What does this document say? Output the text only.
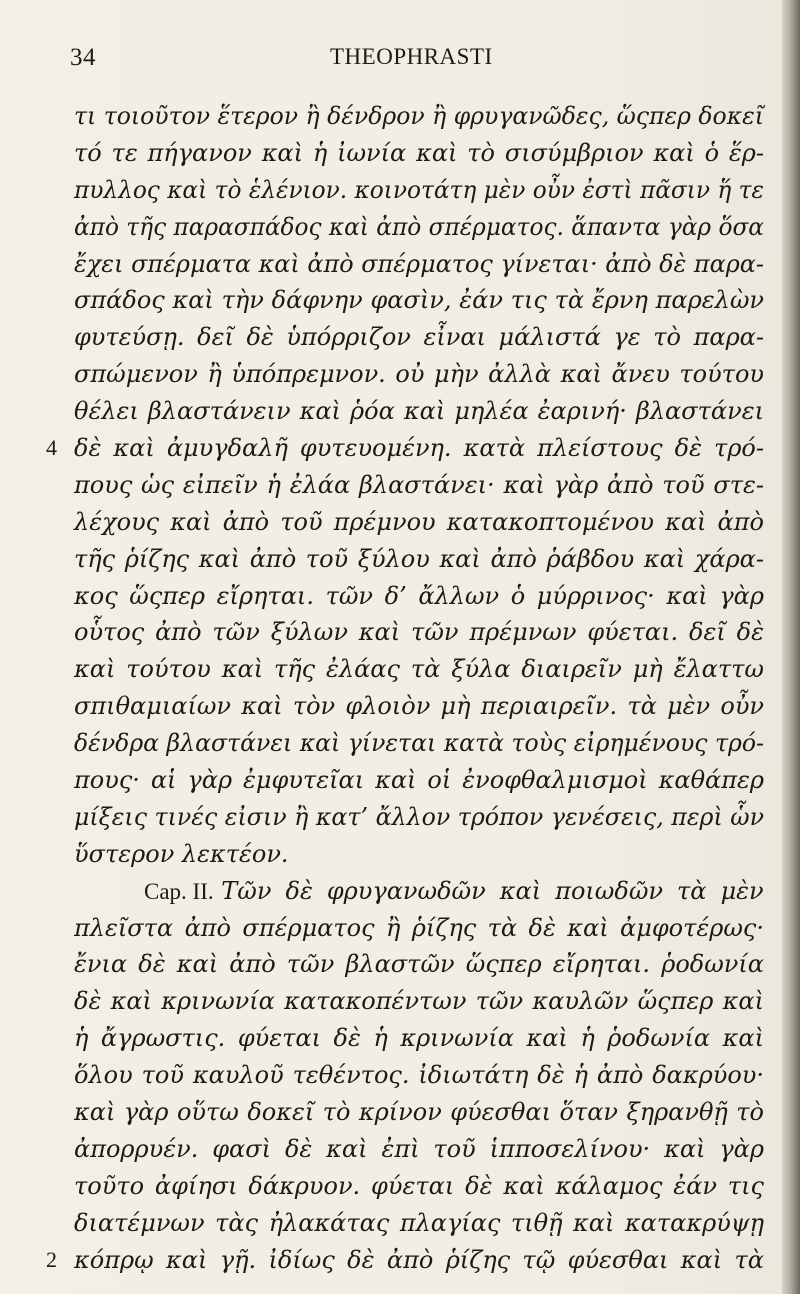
34	THEOPHRASTI
τι τοιοῦτον ἕτερον ἢ δένδρον ἢ φρυγανῶδες, ὥςπερ δοκεῖ
τό τε πήγανον καὶ ἡ ἰωνία καὶ τὸ σισύμβριον καὶ ὁ ἕρ-
πυλλος καὶ τὸ ἑλένιον. κοινοτάτη μὲν οὖν ἐστὶ πᾶσιν ἥ τε
ἀπὸ τῆς παρασπάδος καὶ ἀπὸ σπέρματος. ἅπαντα γὰρ ὅσα
ἔχει σπέρματα καὶ ἀπὸ σπέρματος γίνεται· ἀπὸ δὲ παρα-
σπάδος καὶ τὴν δάφνην φασὶν, ἐάν τις τὰ ἔρνη παρελὼν
φυτεύσῃ. δεῖ δὲ ὑπόρριζον εἶναι μάλιστά γε τὸ παρα-
σπώμενον ἢ ὑπόπρεμνον. οὐ μὴν ἀλλὰ καὶ ἄνευ τούτου
θέλει βλαστάνειν καὶ ῥόα καὶ μηλέα ἐαρινή· βλαστάνει
4 δὲ καὶ ἀμυγδαλῆ φυτευομένη. κατὰ πλείστους δὲ τρό-
πους ὡς εἰπεῖν ἡ ἐλάα βλαστάνει· καὶ γὰρ ἀπὸ τοῦ στε-
λέχους καὶ ἀπὸ τοῦ πρέμνου κατακοπτομένου καὶ ἀπὸ
τῆς ῥίζης καὶ ἀπὸ τοῦ ξύλου καὶ ἀπὸ ῥάβδου καὶ χάρα-
κος ὥςπερ εἴρηται. τῶν δ’ ἄλλων ὁ μύρρινος· καὶ γὰρ
οὗτος ἀπὸ τῶν ξύλων καὶ τῶν πρέμνων φύεται. δεῖ δὲ
καὶ τούτου καὶ τῆς ἐλάας τὰ ξύλα διαιρεῖν μὴ ἔλαττω
σπιθαμιαίων καὶ τὸν φλοιὸν μὴ περιαιρεῖν. τὰ μὲν οὖν
δένδρα βλαστάνει καὶ γίνεται κατὰ τοὺς εἰρημένους τρό-
πους· αἱ γὰρ ἐμφυτεῖαι καὶ οἱ ἐνοφθαλμισμοὶ καθάπερ
μίξεις τινές εἰσιν ἢ κατ’ ἄλλον τρόπον γενέσεις, περὶ ὧν
ὕστερον λεκτέον.
Cap. II. Τῶν δὲ φρυγανωδῶν καὶ ποιωδῶν τὰ μὲν
πλεῖστα ἀπὸ σπέρματος ἢ ῥίζης τὰ δὲ καὶ ἀμφοτέρως·
ἔνια δὲ καὶ ἀπὸ τῶν βλαστῶν ὥςπερ εἴρηται. ῥοδωνία
δὲ καὶ κρινωνία κατακοπέντων τῶν καυλῶν ὥςπερ καὶ
ἡ ἄγρωστις. φύεται δὲ ἡ κρινωνία καὶ ἡ ῥοδωνία καὶ
ὅλου τοῦ καυλοῦ τεθέντος. ἰδιωτάτη δὲ ἡ ἀπὸ δακρύου·
καὶ γὰρ οὕτω δοκεῖ τὸ κρίνον φύεσθαι ὅταν ξηρανθῇ τὸ
ἀπορρυέν. φασὶ δὲ καὶ ἐπὶ τοῦ ἱπποσελίνου· καὶ γὰρ
τοῦτο ἀφίησι δάκρυον. φύεται δὲ καὶ κάλαμος ἐάν τις
διατέμνων τὰς ἠλακάτας πλαγίας τιθῇ καὶ κατακρύψῃ
2 κόπρῳ καὶ γῇ. ἰδίως δὲ ἀπὸ ῥίζης τῷ φύεσθαι καὶ τὰ
